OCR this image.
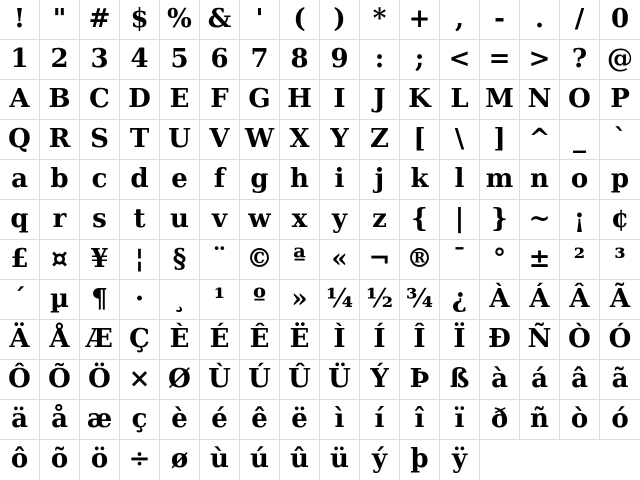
!	" # $ % & '	(	)	* + ,	-	.	/	0
1 2 3 4 5 6 7 8 9	:	; < = > ? @
A B C D E F G H I	J K L M N O P
Q R S T U V W X Y Z [	\	] ^ _	`
a b c d e	f g h i	j	k	l m n o p
q r s	t u v w x y z {	|	} ~ ¡ ¢
£ ¤ ¥	¦	§	¨ © ª « ¬ ® ¯	° ± ²	³
´ µ ¶	·	¸	¹	º » ¼ ½ ¾ ¿ À Á Â Ã
Ä Å Æ Ç È É Ê Ë Ì	Í	Î	Ï Ð Ñ Ò Ó
Ô Õ Ö × Ø Ù Ú Û Ü Ý Þ ß à á â ã
ä å æ ç è é ê ë	ì	í	î	ï	ð ñ ò ó
ô õ ö ÷ ø ù ú û ü ý þ ÿ
